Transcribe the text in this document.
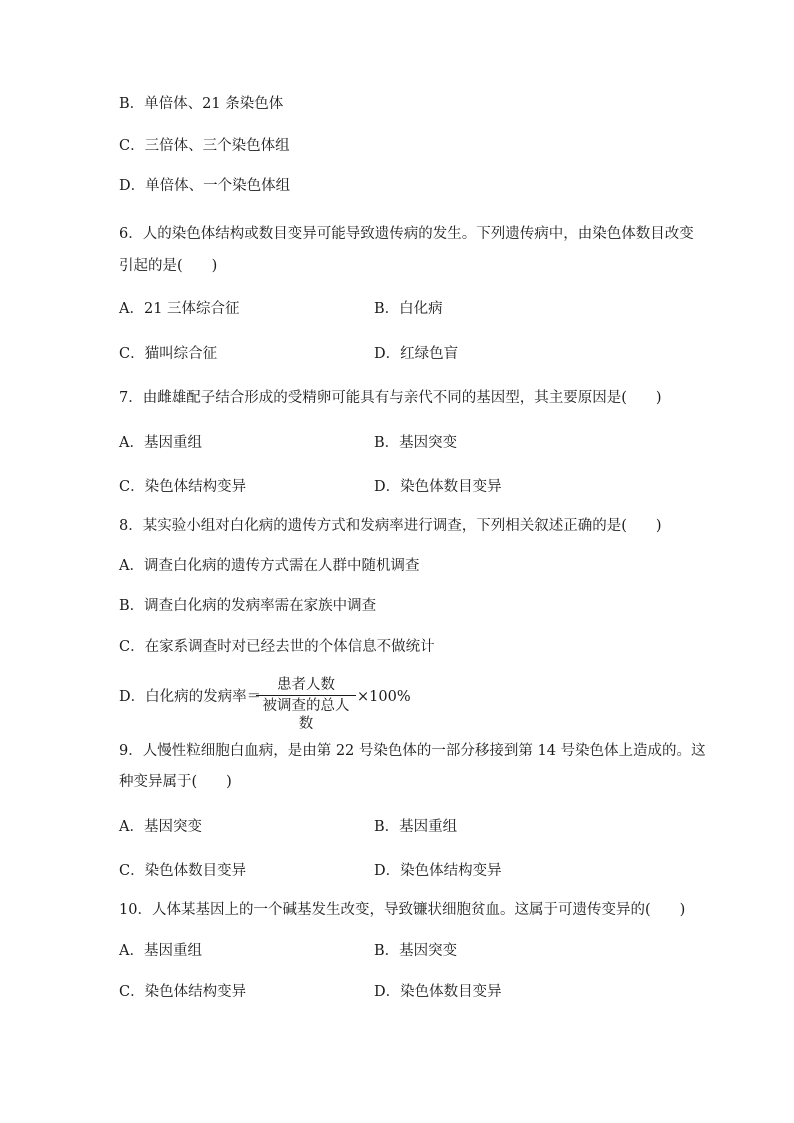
B．单倍体、21 条染色体
C．三倍体、三个染色体组
D．单倍体、一个染色体组
6．人的染色体结构或数目变异可能导致遗传病的发生。下列遗传病中，由染色体数目改变
引起的是(　　)
A．21 三体综合征	B．白化病
C．猫叫综合征	D．红绿色盲
7．由雌雄配子结合形成的受精卵可能具有与亲代不同的基因型，其主要原因是(　　)
A．基因重组	B．基因突变
C．染色体结构变异	D．染色体数目变异
8．某实验小组对白化病的遗传方式和发病率进行调查，下列相关叙述正确的是(　　)
A．调查白化病的遗传方式需在人群中随机调查
B．调查白化病的发病率需在家族中调查
C．在家系调查时对已经去世的个体信息不做统计
D．白化病的发病率＝
患者人数
被调查的总人数
×100%
9．人慢性粒细胞白血病，是由第 22 号染色体的一部分移接到第 14 号染色体上造成的。这
种变异属于(　　)
A．基因突变	B．基因重组
C．染色体数目变异	D．染色体结构变异
10．人体某基因上的一个碱基发生改变，导致镰状细胞贫血。这属于可遗传变异的(　　)
A．基因重组	B．基因突变
C．染色体结构变异	D．染色体数目变异
